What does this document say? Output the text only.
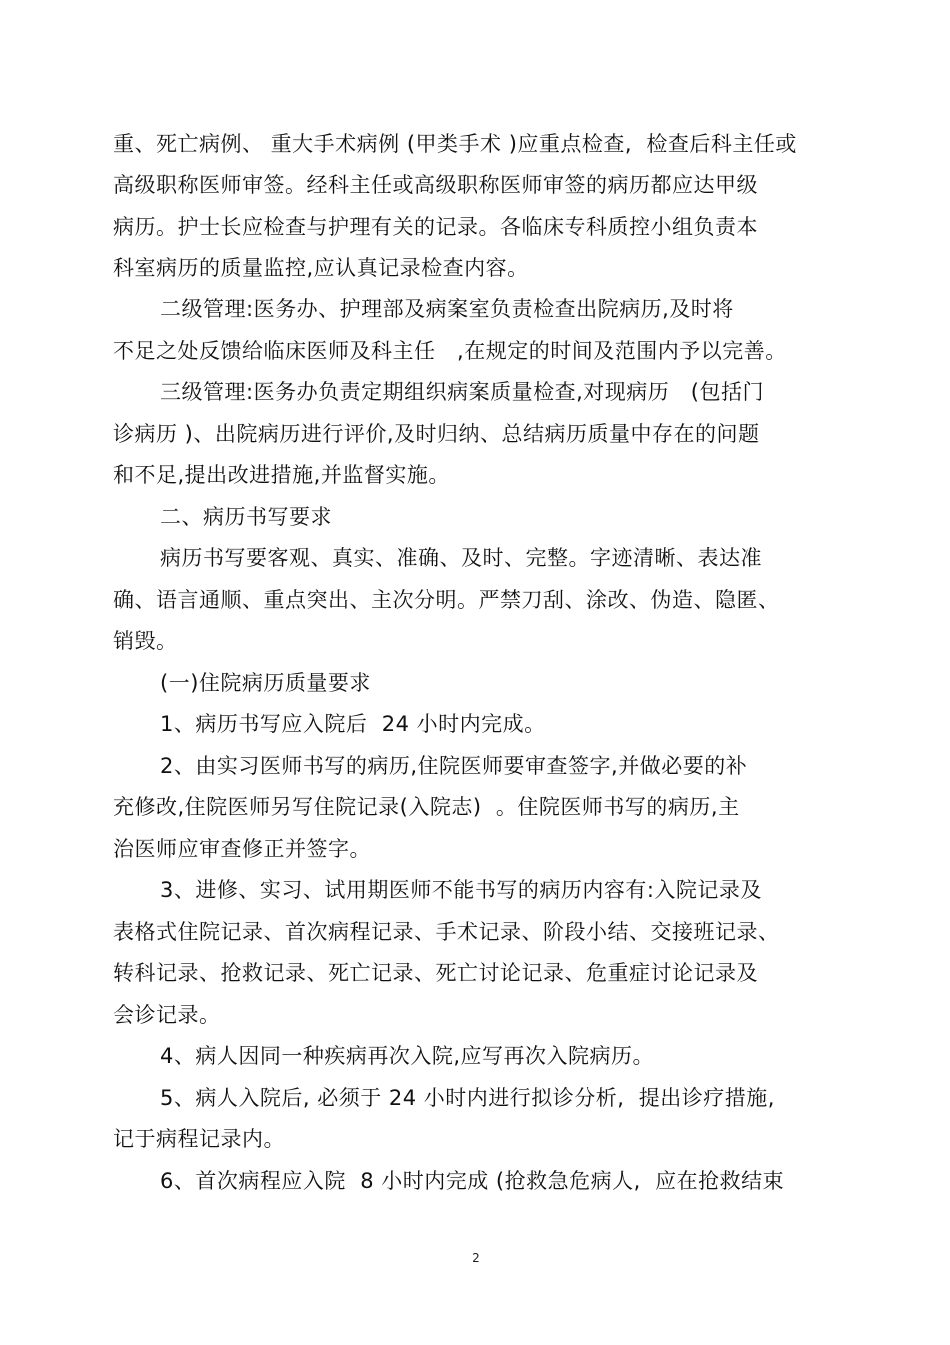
重、死亡病例、 重大手术病例 (甲类手术 )应重点检查,  检查后科主任或
高级职称医师审签。经科主任或高级职称医师审签的病历都应达甲级
病历。护士长应检查与护理有关的记录。各临床专科质控小组负责本
科室病历的质量监控,应认真记录检查内容。
二级管理:医务办、护理部及病案室负责检查出院病历,及时将
不足之处反馈给临床医师及科主任   ,在规定的时间及范围内予以完善。
三级管理:医务办负责定期组织病案质量检查,对现病历   (包括门
诊病历 )、出院病历进行评价,及时归纳、总结病历质量中存在的问题
和不足,提出改进措施,并监督实施。
二、病历书写要求
病历书写要客观、真实、准确、及时、完整。字迹清晰、表达准
确、语言通顺、重点突出、主次分明。严禁刀刮、涂改、伪造、隐匿、
销毁。
(一)住院病历质量要求
1、病历书写应入院后  24 小时内完成。
2、由实习医师书写的病历,住院医师要审查签字,并做必要的补
充修改,住院医师另写住院记录(入院志)  。住院医师书写的病历,主
治医师应审查修正并签字。
3、进修、实习、试用期医师不能书写的病历内容有:入院记录及
表格式住院记录、首次病程记录、手术记录、阶段小结、交接班记录、
转科记录、抢救记录、死亡记录、死亡讨论记录、危重症讨论记录及
会诊记录。
4、病人因同一种疾病再次入院,应写再次入院病历。
5、病人入院后, 必须于 24 小时内进行拟诊分析,  提出诊疗措施,
记于病程记录内。
6、首次病程应入院  8 小时内完成 (抢救急危病人,  应在抢救结束
2
